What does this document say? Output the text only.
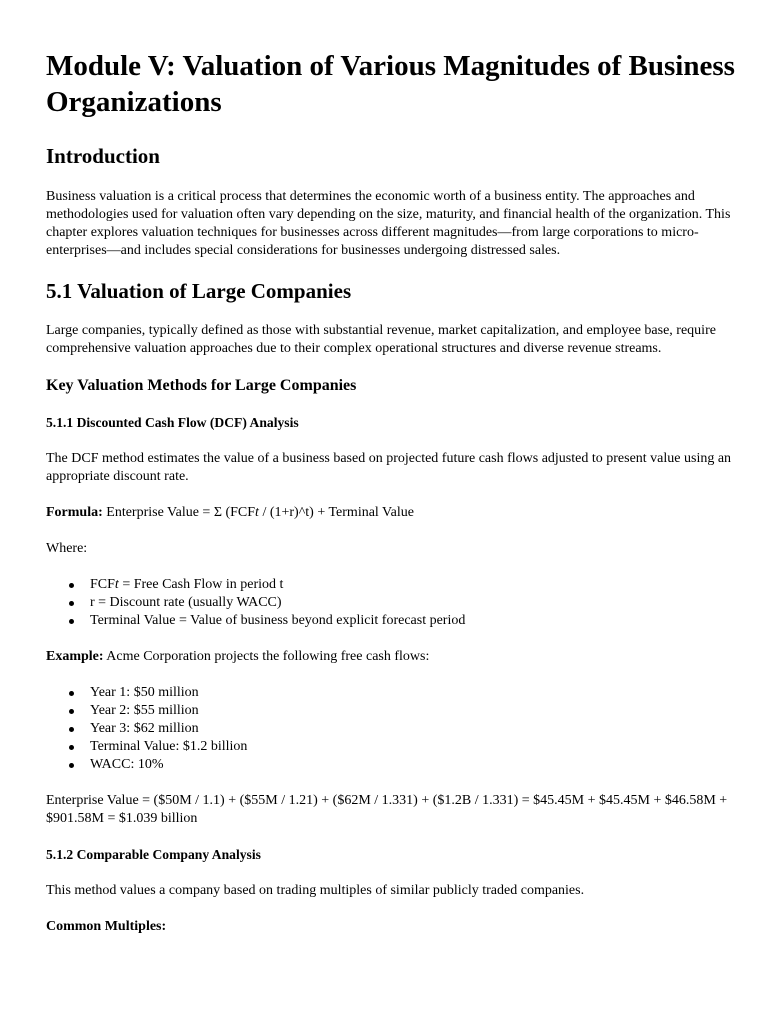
Module V: Valuation of Various Magnitudes of Business Organizations
Introduction

Business valuation is a critical process that determines the economic worth of a business entity. The approaches and methodologies used for valuation often vary depending on the size, maturity, and financial health of the organization. This chapter explores valuation techniques for businesses across different magnitudes—from large corporations to micro-enterprises—and includes special considerations for businesses undergoing distressed sales.

5.1 Valuation of Large Companies

Large companies, typically defined as those with substantial revenue, market capitalization, and employee base, require comprehensive valuation approaches due to their complex operational structures and diverse revenue streams.

Key Valuation Methods for Large Companies
5.1.1 Discounted Cash Flow (DCF) Analysis

The DCF method estimates the value of a business based on projected future cash flows adjusted to present value using an appropriate discount rate.

Formula: Enterprise Value = Σ (FCFt / (1+r)^t) + Terminal Value

Where:

FCFt = Free Cash Flow in period t
r = Discount rate (usually WACC)
Terminal Value = Value of business beyond explicit forecast period

Example: Acme Corporation projects the following free cash flows:

Year 1: $50 million
Year 2: $55 million
Year 3: $62 million
Terminal Value: $1.2 billion
WACC: 10%

Enterprise Value = ($50M / 1.1) + ($55M / 1.21) + ($62M / 1.331) + ($1.2B / 1.331) = $45.45M + $45.45M + $46.58M + $901.58M = $1.039 billion

5.1.2 Comparable Company Analysis

This method values a company based on trading multiples of similar publicly traded companies.

Common Multiples:
